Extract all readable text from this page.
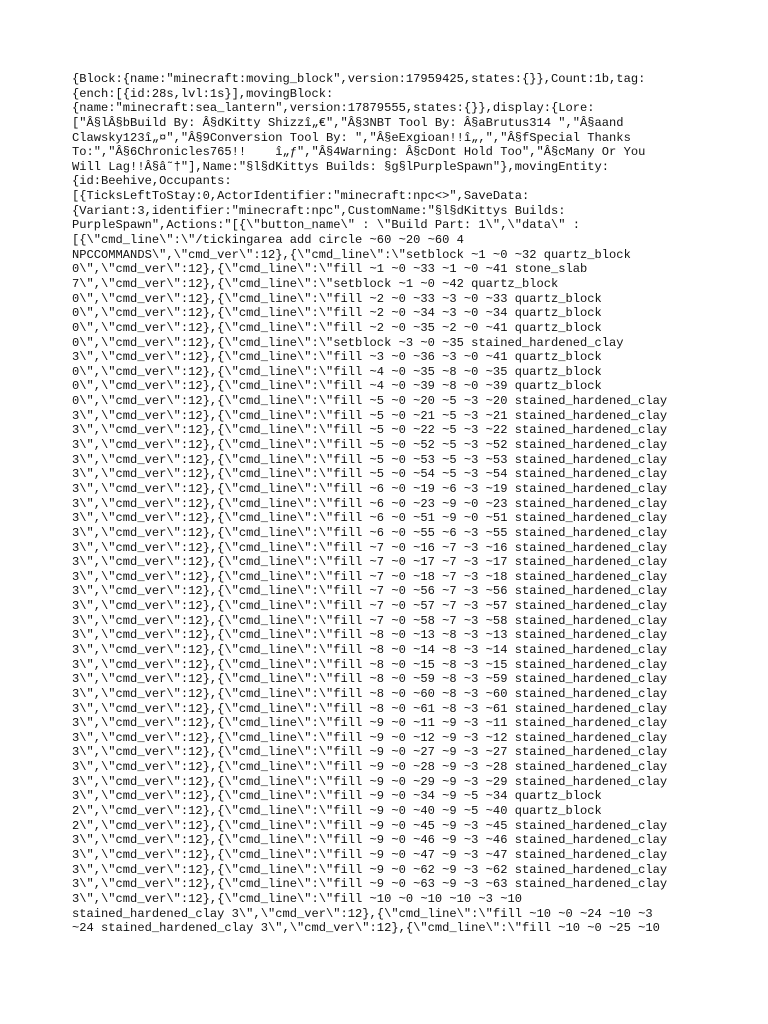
{Block:{name:"minecraft:moving_block",version:17959425,states:{}},Count:1b,tag:
{ench:[{id:28s,lvl:1s}],movingBlock:
{name:"minecraft:sea_lantern",version:17879555,states:{}},display:{Lore:
["Â§lÂ§bBuild By: Â§dKitty Shizzî„€","Â§3NBT Tool By: Â§aBrutus314 ","Â§aand
Clawsky123î„¤","Â§9Conversion Tool By: ","Â§eExgioan!!î„,","Â§fSpecial Thanks
To:","Â§6Chronicles765!!    î„ƒ","Â§4Warning: Â§cDont Hold Too","Â§cMany Or You
Will Lag!!Â§â˜†"],Name:"§l§dKittys Builds: §g§lPurpleSpawn"},movingEntity:
{id:Beehive,Occupants:
[{TicksLeftToStay:0,ActorIdentifier:"minecraft:npc<>",SaveData:
{Variant:3,identifier:"minecraft:npc",CustomName:"§l§dKittys Builds:
PurpleSpawn",Actions:"[{\"button_name\" : \"Build Part: 1\",\"data\" :
[{\"cmd_line\":\"/tickingarea add circle ~60 ~20 ~60 4
NPCCOMMANDS\",\"cmd_ver\":12},{\"cmd_line\":\"setblock ~1 ~0 ~32 quartz_block
0\",\"cmd_ver\":12},{\"cmd_line\":\"fill ~1 ~0 ~33 ~1 ~0 ~41 stone_slab
7\",\"cmd_ver\":12},{\"cmd_line\":\"setblock ~1 ~0 ~42 quartz_block
0\",\"cmd_ver\":12},{\"cmd_line\":\"fill ~2 ~0 ~33 ~3 ~0 ~33 quartz_block
0\",\"cmd_ver\":12},{\"cmd_line\":\"fill ~2 ~0 ~34 ~3 ~0 ~34 quartz_block
0\",\"cmd_ver\":12},{\"cmd_line\":\"fill ~2 ~0 ~35 ~2 ~0 ~41 quartz_block
0\",\"cmd_ver\":12},{\"cmd_line\":\"setblock ~3 ~0 ~35 stained_hardened_clay
3\",\"cmd_ver\":12},{\"cmd_line\":\"fill ~3 ~0 ~36 ~3 ~0 ~41 quartz_block
0\",\"cmd_ver\":12},{\"cmd_line\":\"fill ~4 ~0 ~35 ~8 ~0 ~35 quartz_block
0\",\"cmd_ver\":12},{\"cmd_line\":\"fill ~4 ~0 ~39 ~8 ~0 ~39 quartz_block
0\",\"cmd_ver\":12},{\"cmd_line\":\"fill ~5 ~0 ~20 ~5 ~3 ~20 stained_hardened_clay
3\",\"cmd_ver\":12},{\"cmd_line\":\"fill ~5 ~0 ~21 ~5 ~3 ~21 stained_hardened_clay
3\",\"cmd_ver\":12},{\"cmd_line\":\"fill ~5 ~0 ~22 ~5 ~3 ~22 stained_hardened_clay
3\",\"cmd_ver\":12},{\"cmd_line\":\"fill ~5 ~0 ~52 ~5 ~3 ~52 stained_hardened_clay
3\",\"cmd_ver\":12},{\"cmd_line\":\"fill ~5 ~0 ~53 ~5 ~3 ~53 stained_hardened_clay
3\",\"cmd_ver\":12},{\"cmd_line\":\"fill ~5 ~0 ~54 ~5 ~3 ~54 stained_hardened_clay
3\",\"cmd_ver\":12},{\"cmd_line\":\"fill ~6 ~0 ~19 ~6 ~3 ~19 stained_hardened_clay
3\",\"cmd_ver\":12},{\"cmd_line\":\"fill ~6 ~0 ~23 ~9 ~0 ~23 stained_hardened_clay
3\",\"cmd_ver\":12},{\"cmd_line\":\"fill ~6 ~0 ~51 ~9 ~0 ~51 stained_hardened_clay
3\",\"cmd_ver\":12},{\"cmd_line\":\"fill ~6 ~0 ~55 ~6 ~3 ~55 stained_hardened_clay
3\",\"cmd_ver\":12},{\"cmd_line\":\"fill ~7 ~0 ~16 ~7 ~3 ~16 stained_hardened_clay
3\",\"cmd_ver\":12},{\"cmd_line\":\"fill ~7 ~0 ~17 ~7 ~3 ~17 stained_hardened_clay
3\",\"cmd_ver\":12},{\"cmd_line\":\"fill ~7 ~0 ~18 ~7 ~3 ~18 stained_hardened_clay
3\",\"cmd_ver\":12},{\"cmd_line\":\"fill ~7 ~0 ~56 ~7 ~3 ~56 stained_hardened_clay
3\",\"cmd_ver\":12},{\"cmd_line\":\"fill ~7 ~0 ~57 ~7 ~3 ~57 stained_hardened_clay
3\",\"cmd_ver\":12},{\"cmd_line\":\"fill ~7 ~0 ~58 ~7 ~3 ~58 stained_hardened_clay
3\",\"cmd_ver\":12},{\"cmd_line\":\"fill ~8 ~0 ~13 ~8 ~3 ~13 stained_hardened_clay
3\",\"cmd_ver\":12},{\"cmd_line\":\"fill ~8 ~0 ~14 ~8 ~3 ~14 stained_hardened_clay
3\",\"cmd_ver\":12},{\"cmd_line\":\"fill ~8 ~0 ~15 ~8 ~3 ~15 stained_hardened_clay
3\",\"cmd_ver\":12},{\"cmd_line\":\"fill ~8 ~0 ~59 ~8 ~3 ~59 stained_hardened_clay
3\",\"cmd_ver\":12},{\"cmd_line\":\"fill ~8 ~0 ~60 ~8 ~3 ~60 stained_hardened_clay
3\",\"cmd_ver\":12},{\"cmd_line\":\"fill ~8 ~0 ~61 ~8 ~3 ~61 stained_hardened_clay
3\",\"cmd_ver\":12},{\"cmd_line\":\"fill ~9 ~0 ~11 ~9 ~3 ~11 stained_hardened_clay
3\",\"cmd_ver\":12},{\"cmd_line\":\"fill ~9 ~0 ~12 ~9 ~3 ~12 stained_hardened_clay
3\",\"cmd_ver\":12},{\"cmd_line\":\"fill ~9 ~0 ~27 ~9 ~3 ~27 stained_hardened_clay
3\",\"cmd_ver\":12},{\"cmd_line\":\"fill ~9 ~0 ~28 ~9 ~3 ~28 stained_hardened_clay
3\",\"cmd_ver\":12},{\"cmd_line\":\"fill ~9 ~0 ~29 ~9 ~3 ~29 stained_hardened_clay
3\",\"cmd_ver\":12},{\"cmd_line\":\"fill ~9 ~0 ~34 ~9 ~5 ~34 quartz_block
2\",\"cmd_ver\":12},{\"cmd_line\":\"fill ~9 ~0 ~40 ~9 ~5 ~40 quartz_block
2\",\"cmd_ver\":12},{\"cmd_line\":\"fill ~9 ~0 ~45 ~9 ~3 ~45 stained_hardened_clay
3\",\"cmd_ver\":12},{\"cmd_line\":\"fill ~9 ~0 ~46 ~9 ~3 ~46 stained_hardened_clay
3\",\"cmd_ver\":12},{\"cmd_line\":\"fill ~9 ~0 ~47 ~9 ~3 ~47 stained_hardened_clay
3\",\"cmd_ver\":12},{\"cmd_line\":\"fill ~9 ~0 ~62 ~9 ~3 ~62 stained_hardened_clay
3\",\"cmd_ver\":12},{\"cmd_line\":\"fill ~9 ~0 ~63 ~9 ~3 ~63 stained_hardened_clay
3\",\"cmd_ver\":12},{\"cmd_line\":\"fill ~10 ~0 ~10 ~10 ~3 ~10
stained_hardened_clay 3\",\"cmd_ver\":12},{\"cmd_line\":\"fill ~10 ~0 ~24 ~10 ~3
~24 stained_hardened_clay 3\",\"cmd_ver\":12},{\"cmd_line\":\"fill ~10 ~0 ~25 ~10
